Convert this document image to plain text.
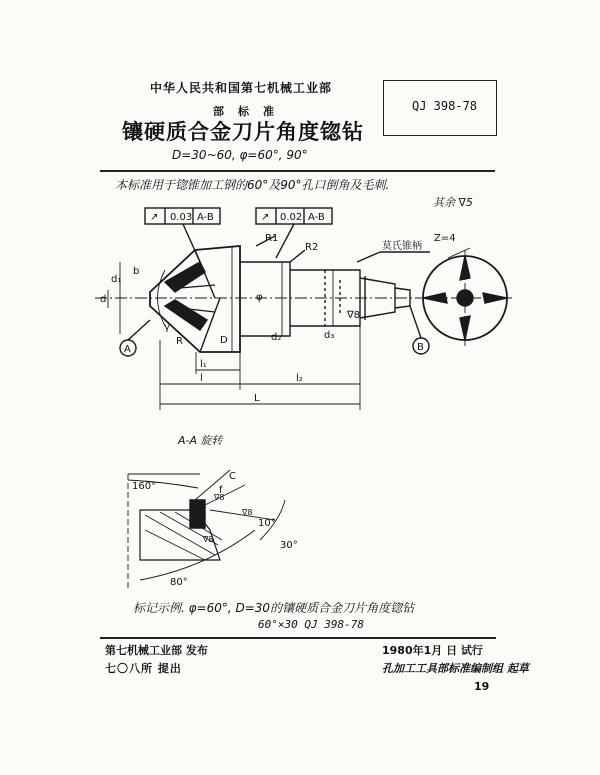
中华人民共和国第七机械工业部
部标准
镶硬质合金刀片角度锪钻
D=30~60, φ=60°, 90°
QJ 398-78
本标准用于锪锥加工钢的60°及90°孔口倒角及毛刺.
其余 ∇5
↗ 0.03 A-B	↗ 0.02 A-B
R1
R2	莫氏锥柄
Z=4
d₁
b
d
γ
R	D
φ
d₂	d₃
∇8
l₁
l	l₂
L
A	B
160°
C
f
∇8
∇8
∇8
10°
30°
80°
A-A 旋转
标记示例. φ=60°, D=30的镶硬质合金刀片角度锪钻
60°×30 QJ 398-78
第七机械工业部 发布
七〇八所 提出
1980年1月 日 试行
孔加工工具部标准编制组 起草
19
